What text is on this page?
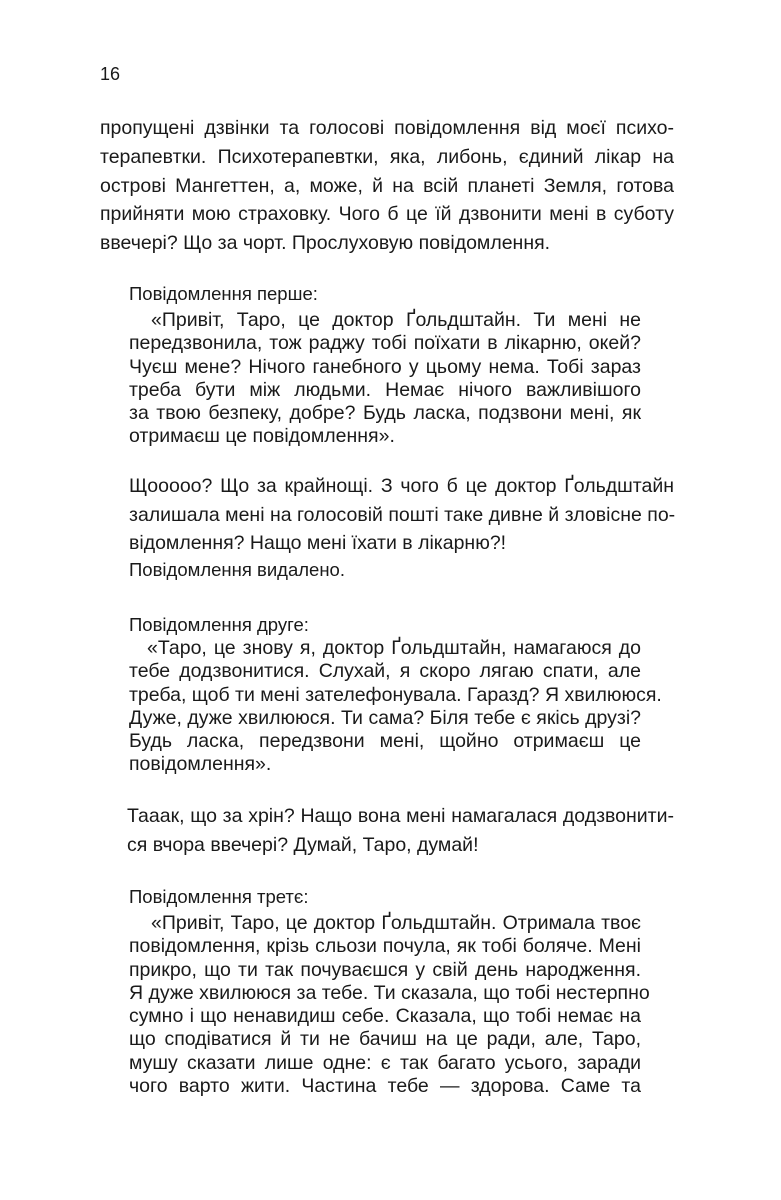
16

пропущені дзвінки та голосові повідомлення від моєї психо-
терапевтки. Психотерапевтки, яка, либонь, єдиний лікар на
острові Мангеттен, а, може, й на всій планеті Земля, готова
прийняти мою страховку. Чого б це їй дзвонити мені в суботу
ввечері? Що за чорт. Прослуховую повідомлення.

Повідомлення перше:
«Привіт, Таро, це доктор Ґольдштайн. Ти мені не
передзвонила, тож раджу тобі поїхати в лікарню, окей?
Чуєш мене? Нічого ганебного у цьому нема. Тобі зараз
треба бути між людьми. Немає нічого важливішого
за твою безпеку, добре? Будь ласка, подзвони мені, як
отримаєш це повідомлення».

Щооооо? Що за крайнощі. З чого б це доктор Ґольдштайн
залишала мені на голосовій пошті таке дивне й зловісне по-
відомлення? Нащо мені їхати в лікарню?!

Повідомлення видалено.
Повідомлення друге:
«Таро, це знову я, доктор Ґольдштайн, намагаюся до
тебе додзвонитися. Слухай, я скоро лягаю спати, але
треба, щоб ти мені зателефонувала. Гаразд? Я хвилююся.
Дуже, дуже хвилююся. Ти сама? Біля тебе є якісь друзі?
Будь ласка, передзвони мені, щойно отримаєш це
повідомлення».

Тааак, що за хрін? Нащо вона мені намагалася додзвонити-
ся вчора ввечері? Думай, Таро, думай!

Повідомлення третє:
«Привіт, Таро, це доктор Ґольдштайн. Отримала твоє
повідомлення, крізь сльози почула, як тобі боляче. Мені
прикро, що ти так почуваєшся у свій день народження.
Я дуже хвилююся за тебе. Ти сказала, що тобі нестерпно
сумно і що ненавидиш себе. Сказала, що тобі немає на
що сподіватися й ти не бачиш на це ради, але, Таро,
мушу сказати лише одне: є так багато усього, заради
чого варто жити. Частина тебе — здорова. Саме та
